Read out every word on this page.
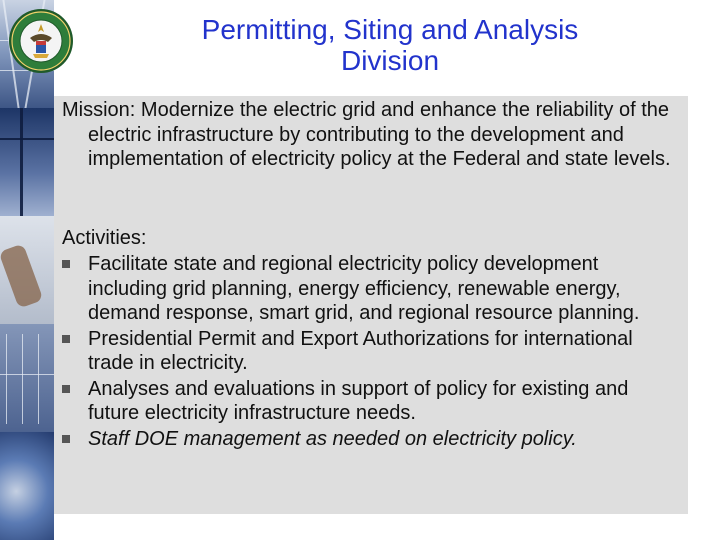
Permitting, Siting and Analysis
Division
Mission: Modernize the electric grid and enhance the reliability of the electric infrastructure by contributing to the development and implementation of electricity policy at the Federal and state levels.
Activities:
Facilitate state and regional electricity policy development including grid planning, energy efficiency, renewable energy, demand response, smart grid, and regional resource planning.
Presidential Permit and Export Authorizations for international trade in electricity.
Analyses and evaluations in support of policy for existing and future electricity infrastructure needs.
Staff DOE management as needed on electricity policy.
